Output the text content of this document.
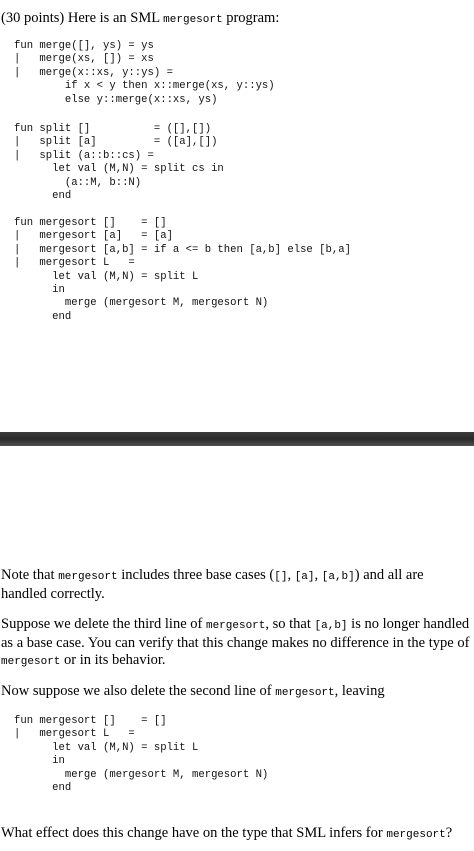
(30 points) Here is an SML mergesort program:

fun merge([], ys) = ys
|   merge(xs, []) = xs
|   merge(x::xs, y::ys) =
if x < y then x::merge(xs, y::ys)
else y::merge(x::xs, ys)
fun split []          = ([],[])
|   split [a]         = ([a],[])
|   split (a::b::cs) =
let val (M,N) = split cs in
(a::M, b::N)
end
fun mergesort []    = []
|   mergesort [a]   = [a]
|   mergesort [a,b] = if a <= b then [a,b] else [b,a]
|   mergesort L   =
let val (M,N) = split L
in
merge (mergesort M, mergesort N)
end

Note that mergesort includes three base cases ([], [a], [a,b]) and all are handled correctly.

Suppose we delete the third line of mergesort, so that [a,b] is no longer handled as a base case. You can verify that this change makes no difference in the type of mergesort or in its behavior.

Now suppose we also delete the second line of mergesort, leaving

fun mergesort []    = []
|   mergesort L   =
let val (M,N) = split L
in
merge (mergesort M, mergesort N)
end

What effect does this change have on the type that SML infers for mergesort?
